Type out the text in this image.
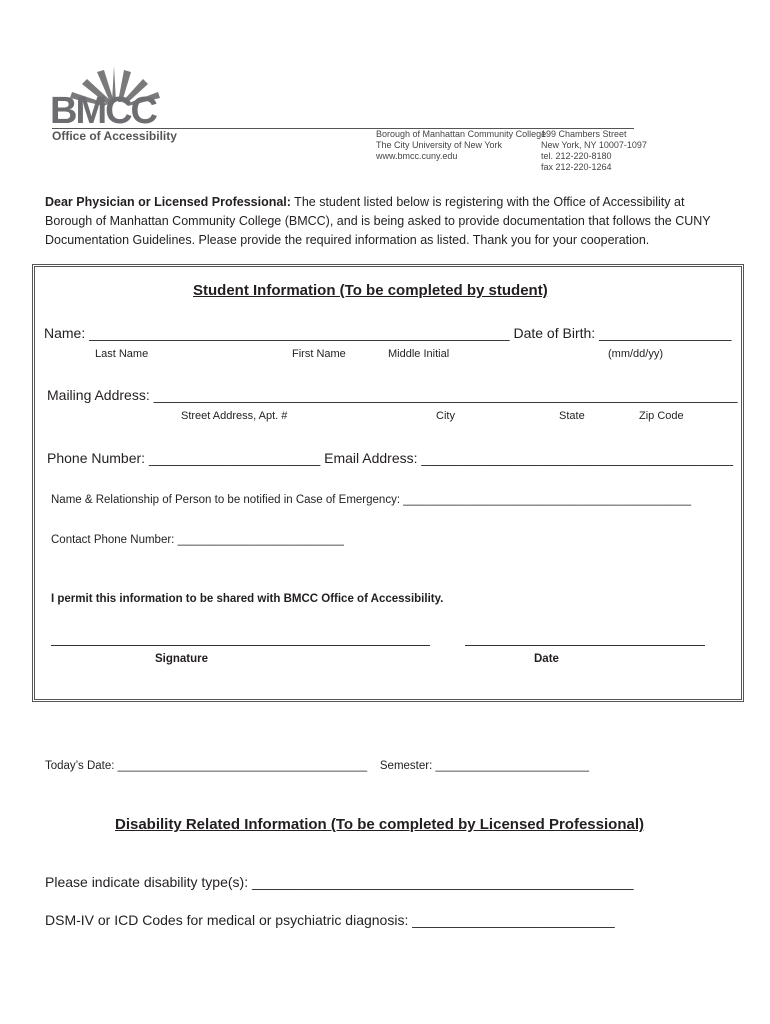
BMCC
Office of Accessibility	Borough of Manhattan Community College
The City University of New York
www.bmcc.cuny.edu
199 Chambers Street
New York, NY 10007-1097
tel. 212-220-8180
fax 212-220-1264
Dear Physician or Licensed Professional: The student listed below is registering with the Office of Accessibility at
Borough of Manhattan Community College (BMCC), and is being asked to provide documentation that follows the CUNY
Documentation Guidelines. Please provide the required information as listed. Thank you for your cooperation.
Student Information (To be completed by student)
Name: ______________________________________________________ Date of Birth: _________________
Last Name	First Name	Middle Initial	(mm/dd/yy)
Mailing Address: ___________________________________________________________________________
Street Address, Apt. #	City	State	Zip Code
Phone Number: ______________________ Email Address: ________________________________________
Name & Relationship of Person to be notified in Case of Emergency: _____________________________________________
Contact Phone Number: __________________________
I permit this information to be shared with BMCC Office of Accessibility.
Signature	Date
Today’s Date: _______________________________________ Semester: ________________________
Disability Related Information (To be completed by Licensed Professional)
Please indicate disability type(s): _________________________________________________
DSM-IV or ICD Codes for medical or psychiatric diagnosis: __________________________
